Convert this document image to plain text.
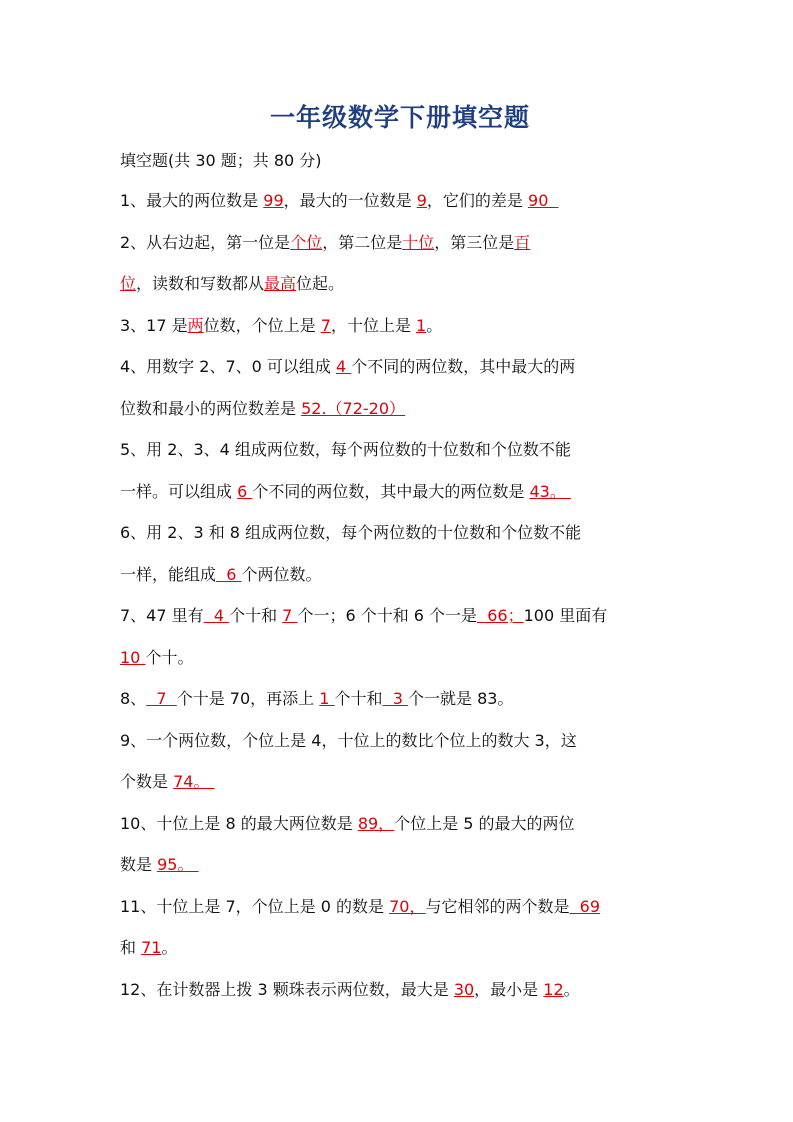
一年级数学下册填空题
填空题(共 30 题；共 80 分)
1、最大的两位数是 99，最大的一位数是 9，它们的差是 90
2、从右边起，第一位是个位，第二位是十位，第三位是百
位，读数和写数都从最高位起。
3、17 是两位数，个位上是 7，十位上是 1。
4、用数字 2、7、0 可以组成 4 个不同的两位数，其中最大的两
位数和最小的两位数差是 52.（72-20）
5、用 2、3、4 组成两位数，每个两位数的十位数和个位数不能
一样。可以组成 6 个不同的两位数，其中最大的两位数是 43。
6、用 2、3 和 8 组成两位数，每个两位数的十位数和个位数不能
一样，能组成  6 个两位数。
7、47 里有  4 个十和 7 个一；6 个十和 6 个一是  66；100 里面有
10 个十。
8、  7  个十是 70，再添上 1 个十和  3 个一就是 83。
9、一个两位数，个位上是 4，十位上的数比个位上的数大 3，这
个数是 74。
10、十位上是 8 的最大两位数是 89，个位上是 5 的最大的两位
数是 95。
11、十位上是 7，个位上是 0 的数是 70，与它相邻的两个数是  69
和 71。
12、在计数器上拨 3 颗珠表示两位数，最大是 30，最小是 12。
